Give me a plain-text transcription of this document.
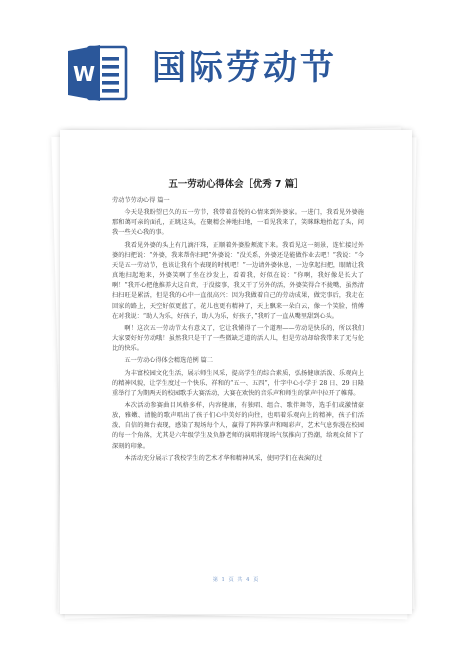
W 国际劳动节
五一劳动心得体会［优秀 7 篇］

劳动节劳动心得 篇一

今天是我盼望已久的五一劳节，我带着喜悦的心情来到外婆家。一进门，我看见外婆施那和蔼可亲的面孔，正眺这头，在聚精会神地扫地，一看见我来了，笑眯眯地抬起了头，问我一些关心我的事。

我看见外婆的头上有几滴汗珠，正顺着外婆脸颊流下来。我看见这一刻景，连忙接过外婆的扫把说：“外婆，我来帮你扫吧”外婆说：“没关系，外婆还是能做作业去吧！”我说：“今天是五一劳动节，也该让我有个表现的时机吧！”一边请外婆休息，一边拿起扫把，眼睛让我真地扫起地来，外婆笑啊了坐在沙发上，看着我，好似在说：“你啊，我好像是长大了啊！”我开心把他推养大这自责，于没接事，我又干了另外的活，外婆笑得合不拢嘴，虽然清扫扫旺是累活，但是我的心中一直很高兴：因为我做着自己的劳动成果，做完事后，我走在回家的路上，天空好似更蓝了，花儿也更有精神了，天上飘来一朵白云，像一个笑脸，悄傅在对我说：“助人为乐，好孩子，助人为乐，好孩子，”我听了一直从嘴里甜到心头。

啊！这次五一劳动节太有意义了，它让我懂得了一个道理——劳动是快乐的，所以我们大家要好好劳动哦！虽然我只是干了一些微缺乏道的活人儿，但是劳动却给我带来了无与伦比的快乐。

五一劳动心得体会精选范例 篇二

为丰富校园文化生活，展示师生风采，提高学生的综合素质，弘扬健康活泼、乐观向上的精神风貌，让学生度过一个快乐、祥和的“五一、五四”，什字中心小学于 28 日、29 日隆重举行了为期两天的校园歌手大赛活动，大赛在欢快的音乐声和师生的掌声中拉开了帷幕。

本次活动参赛曲目风格多样，内容健康，有独唱、组合、歌伴舞等，选手们或激情豪放，雅嫩、清脆的歌声唱出了孩子们心中美好的向往，也唱着乐观向上的精神，孩子们活泼、自信的舞台表现，感染了现场每个人，赢得了阵阵掌声和喝彩声，艺术气息弥漫在校园的每一个角落，尤其是六年级学生及负静老师的演唱将现场气氛推向了热潮，给观众留下了深刻的印象。

本活动充分展示了我校学生的艺术才华和精神风采，使同学们在表演的过

第 1 页 共 4 页
